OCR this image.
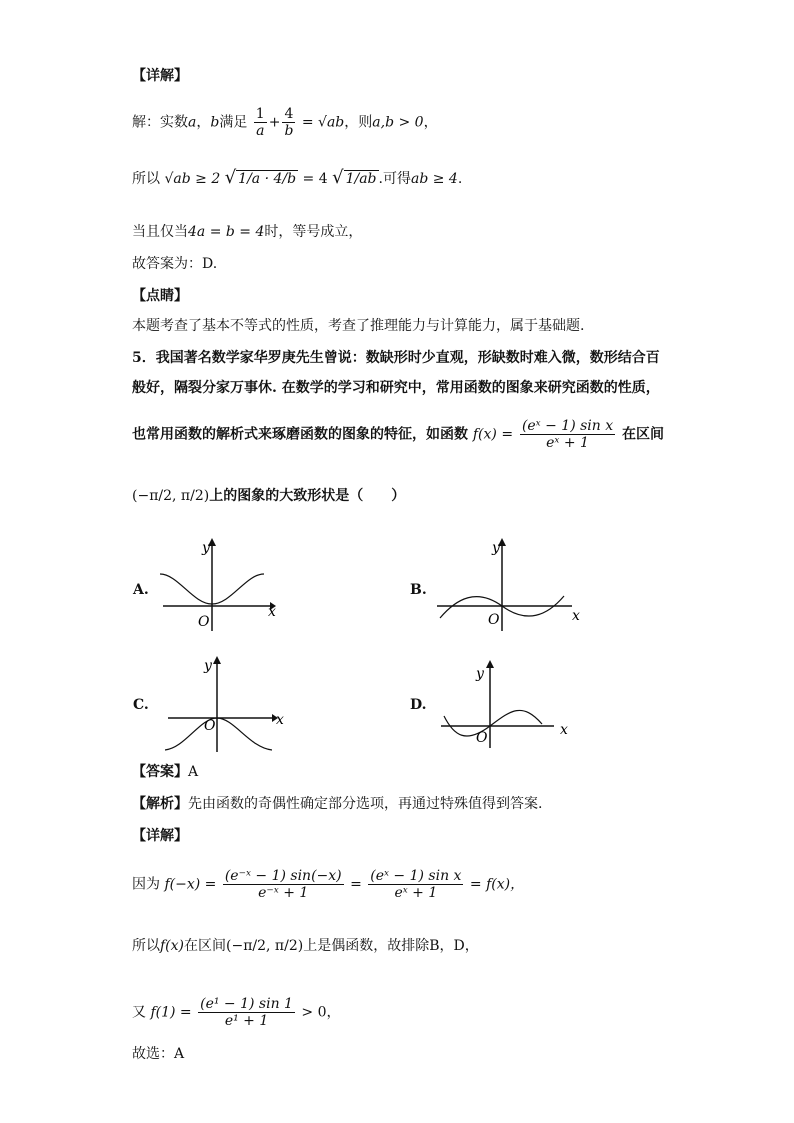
【详解】
解：实数a，b满足 $\frac{1}{a} + \frac{4}{b} = √ab$，则a,b > 0，
所以 √ab ≥ 2 √ 1/a · 4/b = 4 √ 1/ab .可得ab ≥ 4.
当且仅当4a = b = 4时，等号成立，
故答案为：D.
【点睛】
本题考查了基本不等式的性质，考查了推理能力与计算能力，属于基础题.
5．我国著名数学家华罗庚先生曾说：数缺形时少直观，形缺数时难入微，数形结合百
般好，隔裂分家万事休. 在数学的学习和研究中，常用函数的图象来研究函数的性质，
也常用函数的解析式来琢磨函数的图象的特征，如函数 $f(x) = \frac{\text{(eˣ − 1) sin x}}{\text{eˣ + 1}}$ 在区间
(−π/2, π/2)上的图象的大致形状是（　　）
A.
x
y
O
B.
x
y
O
C.
x
y
O
D.
x
y
O
【答案】A
【解析】先由函数的奇偶性确定部分选项，再通过特殊值得到答案.
【详解】
因为 $f(-x) = \frac{\text{(e⁻ˣ − 1) sin(−x)}}{\text{e⁻ˣ + 1}} = \frac{\text{(eˣ − 1) sin x}}{\text{eˣ + 1}} = f(x)$，
所以f(x)在区间(−π/2, π/2)上是偶函数，故排除B，D，
又 $f(1) = \frac{\text{(e¹ − 1) sin 1}}{\text{e¹ + 1}} > 0$，
故选：A
